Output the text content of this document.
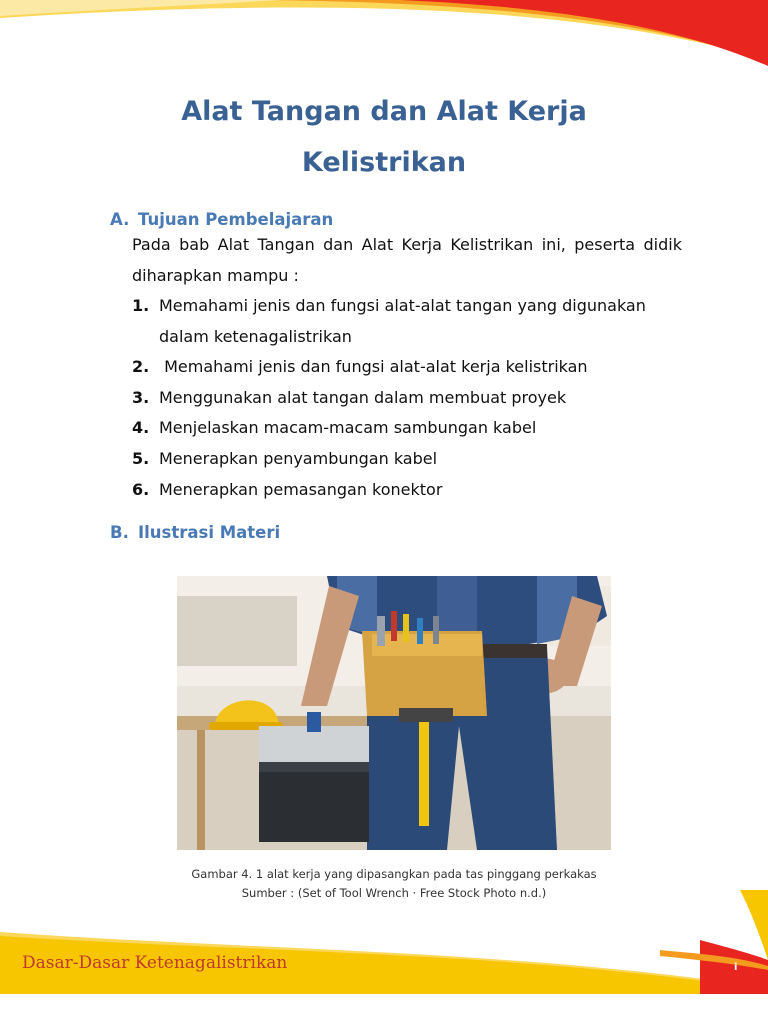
Alat Tangan dan Alat Kerja
Kelistrikan
A. Tujuan Pembelajaran
Pada bab Alat Tangan dan Alat Kerja Kelistrikan ini, peserta didik diharapkan mampu :
1. Memahami jenis dan fungsi alat-alat tangan yang digunakan
dalam ketenagalistrikan
2. Memahami jenis dan fungsi alat-alat kerja kelistrikan
3. Menggunakan alat tangan dalam membuat proyek
4. Menjelaskan macam-macam sambungan kabel
5. Menerapkan penyambungan kabel
6. Menerapkan pemasangan konektor
B. Ilustrasi Materi
Gambar 4. 1 alat kerja yang dipasangkan pada tas pinggang perkakas
Sumber : (Set of Tool Wrench · Free Stock Photo n.d.)
Dasar-Dasar Ketenagalistrikan	i
